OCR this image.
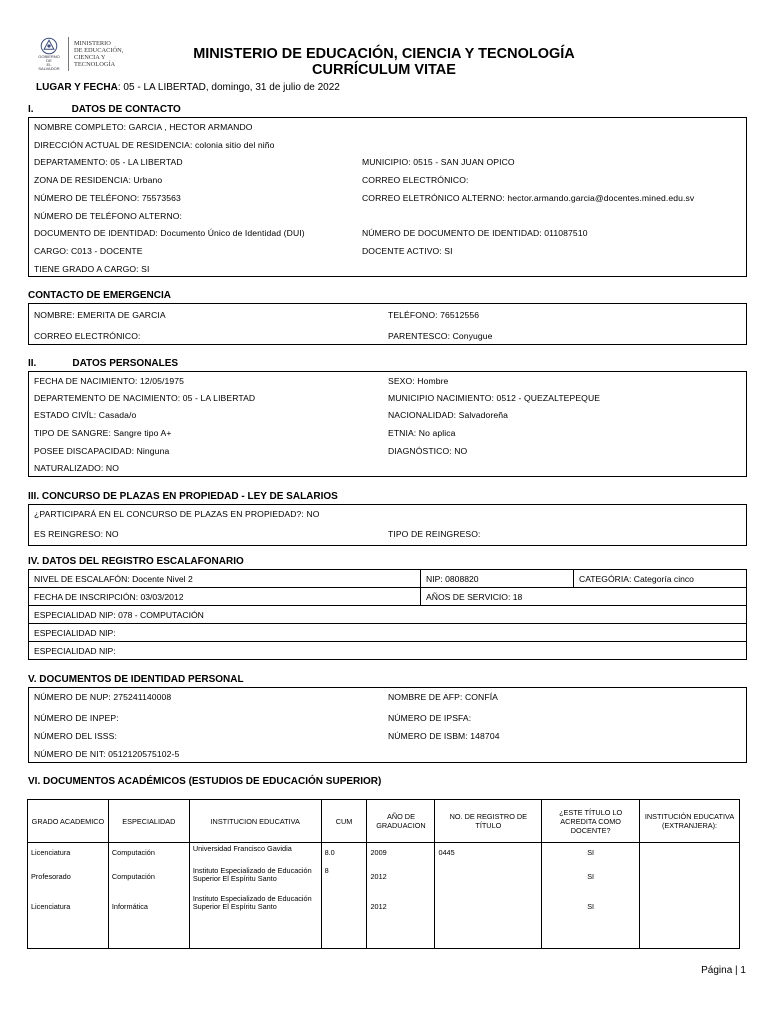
GOBIERNO DE
EL SALVADOR
MINISTERIO
DE EDUCACIÓN,
CIENCIA Y
TECNOLOGÍA
MINISTERIO DE EDUCACIÓN, CIENCIA Y TECNOLOGÍA
CURRÍCULUM VITAE
LUGAR Y FECHA: 05 - LA LIBERTAD, domingo, 31 de julio de 2022
I.	DATOS DE CONTACTO
NOMBRE COMPLETO: GARCIA , HECTOR ARMANDO
DIRECCIÓN ACTUAL DE RESIDENCIA: colonia sitio del niño
DEPARTAMENTO: 05 - LA LIBERTAD	MUNICIPIO: 0515 - SAN JUAN OPICO
ZONA DE RESIDENCIA: Urbano	CORREO ELECTRÓNICO:
NÚMERO DE TELÉFONO: 75573563	CORREO ELETRÓNICO ALTERNO: hector.armando.garcia@docentes.mined.edu.sv
NÚMERO DE TELÉFONO ALTERNO:
DOCUMENTO DE IDENTIDAD: Documento Único de Identidad (DUI)	NÚMERO DE DOCUMENTO DE IDENTIDAD: 011087510
CARGO: C013 - DOCENTE	DOCENTE ACTIVO: SI
TIENE GRADO A CARGO: SI
CONTACTO DE EMERGENCIA
NOMBRE: EMERITA DE GARCIA	TELÉFONO: 76512556
CORREO ELECTRÓNICO:	PARENTESCO: Conyugue
II.	DATOS PERSONALES
FECHA DE NACIMIENTO: 12/05/1975	SEXO: Hombre
DEPARTEMENTO DE NACIMIENTO: 05 - LA LIBERTAD	MUNICIPIO NACIMIENTO: 0512 - QUEZALTEPEQUE
ESTADO CIVÍL: Casada/o	NACIONALIDAD: Salvadoreña
TIPO DE SANGRE: Sangre tipo A+	ETNIA: No aplica
POSEE DISCAPACIDAD: Ninguna	DIAGNÓSTICO: NO
NATURALIZADO: NO
III. CONCURSO DE PLAZAS EN PROPIEDAD - LEY DE SALARIOS
¿PARTICIPARÁ EN EL CONCURSO DE PLAZAS EN PROPIEDAD?: NO
ES REINGRESO: NO	TIPO DE REINGRESO:
IV. DATOS DEL REGISTRO ESCALAFONARIO
NIVEL DE ESCALAFÓN: Docente Nivel 2	NIP: 0808820	CATEGÓRIA: Categoría cinco
FECHA DE INSCRIPCIÓN: 03/03/2012	AÑOS DE SERVICIO: 18	
ESPECIALIDAD NIP: 078 - COMPUTACIÓN		
ESPECIALIDAD NIP:		
ESPECIALIDAD NIP:		
V. DOCUMENTOS DE IDENTIDAD PERSONAL
NÚMERO DE NUP: 275241140008	NOMBRE DE AFP: CONFÍA
NÚMERO DE INPEP:	NÚMERO DE IPSFA:
NÚMERO DEL ISSS:	NÚMERO DE ISBM: 148704
NÚMERO DE NIT: 0512120575102-5
VI. DOCUMENTOS ACADÉMICOS (ESTUDIOS DE EDUCACIÓN SUPERIOR)
GRADO ACADEMICO	ESPECIALIDAD	INSTITUCION EDUCATIVA	CUM	AÑO DE GRADUACION	NO. DE REGISTRO DE TÍTULO	¿ESTE TÍTULO LO ACREDITA COMO DOCENTE?	INSTITUCIÓN EDUCATIVA (EXTRANJERA):
Licenciatura	Computación	Universidad Francisco Gavidia	8.0	2009	0445	SI	
Profesorado	Computación	Instituto Especializado de Educación Superior El Espíritu Santo	8	2012		SI	
Licenciatura	Informática	Instituto Especializado de Educación Superior El Espíritu Santo		2012		SI	
Página | 1
